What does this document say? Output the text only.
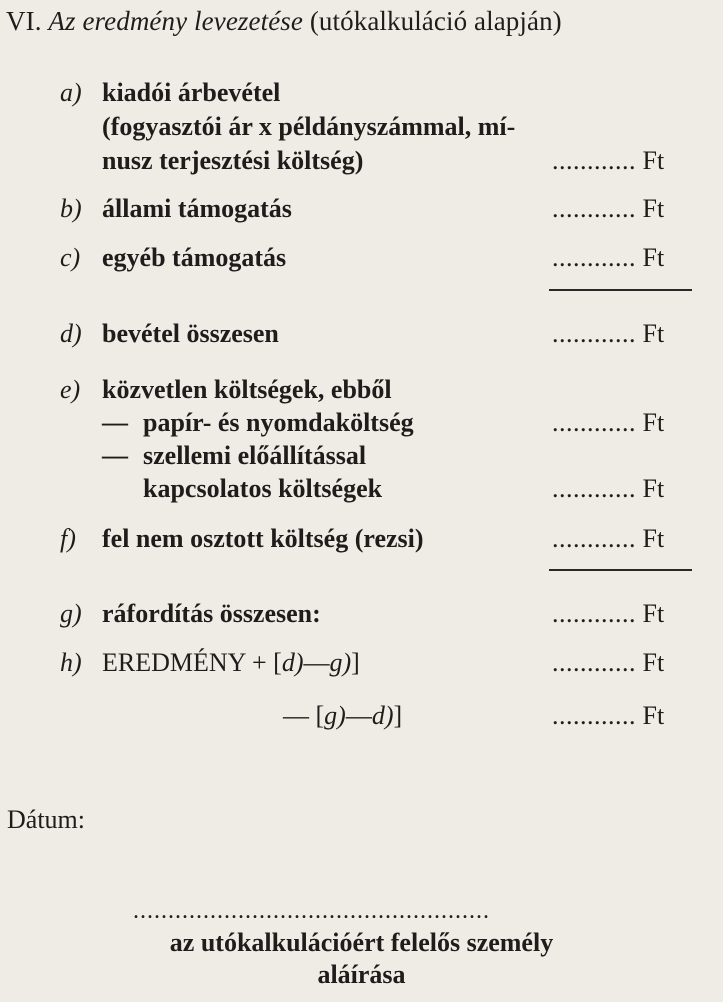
VI. Az eredmény levezetése (utókalkuláció alapján)
a) kiadói árbevétel
(fogyasztói ár x példányszámmal, mí-
nusz terjesztési költség)	............ Ft
b) állami támogatás	............ Ft
c) egyéb támogatás	............ Ft
d) bevétel összesen	............ Ft
e) közvetlen költségek, ebből
— papír- és nyomdaköltség	............ Ft
— szellemi előállítással
kapcsolatos költségek	............ Ft
f) fel nem osztott költség (rezsi)	............ Ft
g) ráfordítás összesen:	............ Ft
h) EREDMÉNY + [d)—g)]	............ Ft
— [g)—d)]	............ Ft
Dátum:
...................................................
az utókalkulációért felelős személy
aláírása
